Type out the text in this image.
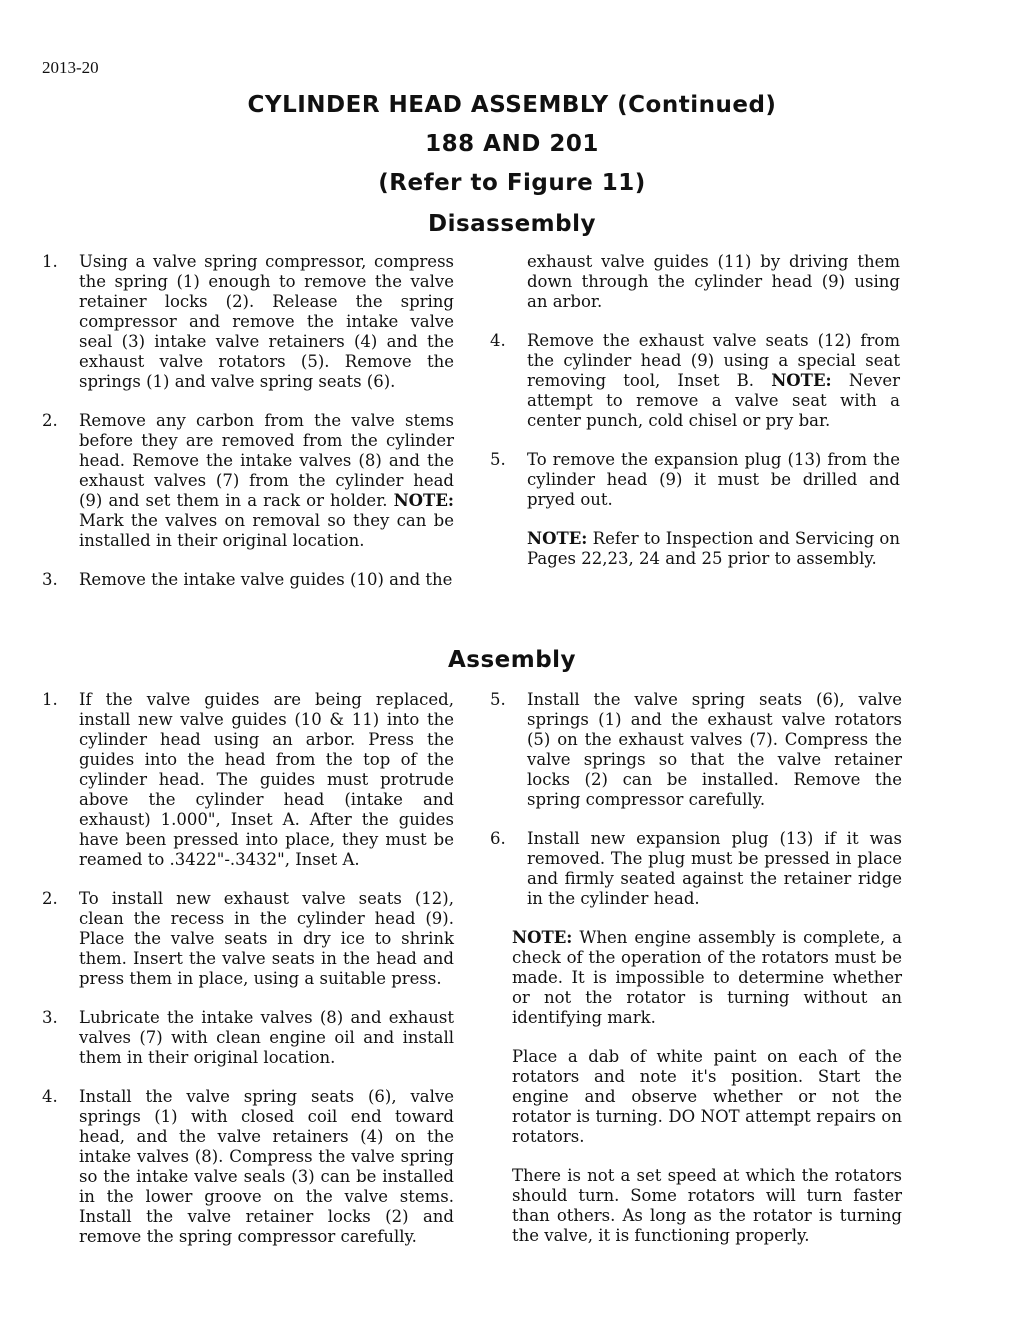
2013-20
CYLINDER HEAD ASSEMBLY (Continued)
188 AND 201
(Refer to Figure 11)
Disassembly
1. Using a valve spring compressor, compress the spring (1) enough to remove the valve retainer locks (2). Release the spring compressor and remove the intake valve seal (3) intake valve retainers (4) and the exhaust valve rotators (5). Remove the springs (1) and valve spring seats (6).
2. Remove any carbon from the valve stems before they are removed from the cylinder head. Remove the intake valves (8) and the exhaust valves (7) from the cylinder head (9) and set them in a rack or holder. NOTE: Mark the valves on removal so they can be installed in their original location.
3. Remove the intake valve guides (10) and the
exhaust valve guides (11) by driving them down through the cylinder head (9) using an arbor.
4. Remove the exhaust valve seats (12) from the cylinder head (9) using a special seat removing tool, Inset B. NOTE: Never attempt to remove a valve seat with a center punch, cold chisel or pry bar.
5. To remove the expansion plug (13) from the cylinder head (9) it must be drilled and pryed out.
NOTE: Refer to Inspection and Servicing on Pages 22,23, 24 and 25 prior to assembly.
Assembly
1. If the valve guides are being replaced, install new valve guides (10 & 11) into the cylinder head using an arbor. Press the guides into the head from the top of the cylinder head. The guides must protrude above the cylinder head (intake and exhaust) 1.000", Inset A. After the guides have been pressed into place, they must be reamed to .3422"-.3432", Inset A.
2. To install new exhaust valve seats (12), clean the recess in the cylinder head (9). Place the valve seats in dry ice to shrink them. Insert the valve seats in the head and press them in place, using a suitable press.
3. Lubricate the intake valves (8) and exhaust valves (7) with clean engine oil and install them in their original location.
4. Install the valve spring seats (6), valve springs (1) with closed coil end toward head, and the valve retainers (4) on the intake valves (8). Compress the valve spring so the intake valve seals (3) can be installed in the lower groove on the valve stems. Install the valve retainer locks (2) and remove the spring compressor carefully.
5. Install the valve spring seats (6), valve springs (1) and the exhaust valve rotators (5) on the exhaust valves (7). Compress the valve springs so that the valve retainer locks (2) can be installed. Remove the spring compressor carefully.
6. Install new expansion plug (13) if it was removed. The plug must be pressed in place and firmly seated against the retainer ridge in the cylinder head.
NOTE: When engine assembly is complete, a check of the operation of the rotators must be made. It is impossible to determine whether or not the rotator is turning without an identifying mark.
Place a dab of white paint on each of the rotators and note it's position. Start the engine and observe whether or not the rotator is turning. DO NOT attempt repairs on rotators.
There is not a set speed at which the rotators should turn. Some rotators will turn faster than others. As long as the rotator is turning the valve, it is functioning properly.
